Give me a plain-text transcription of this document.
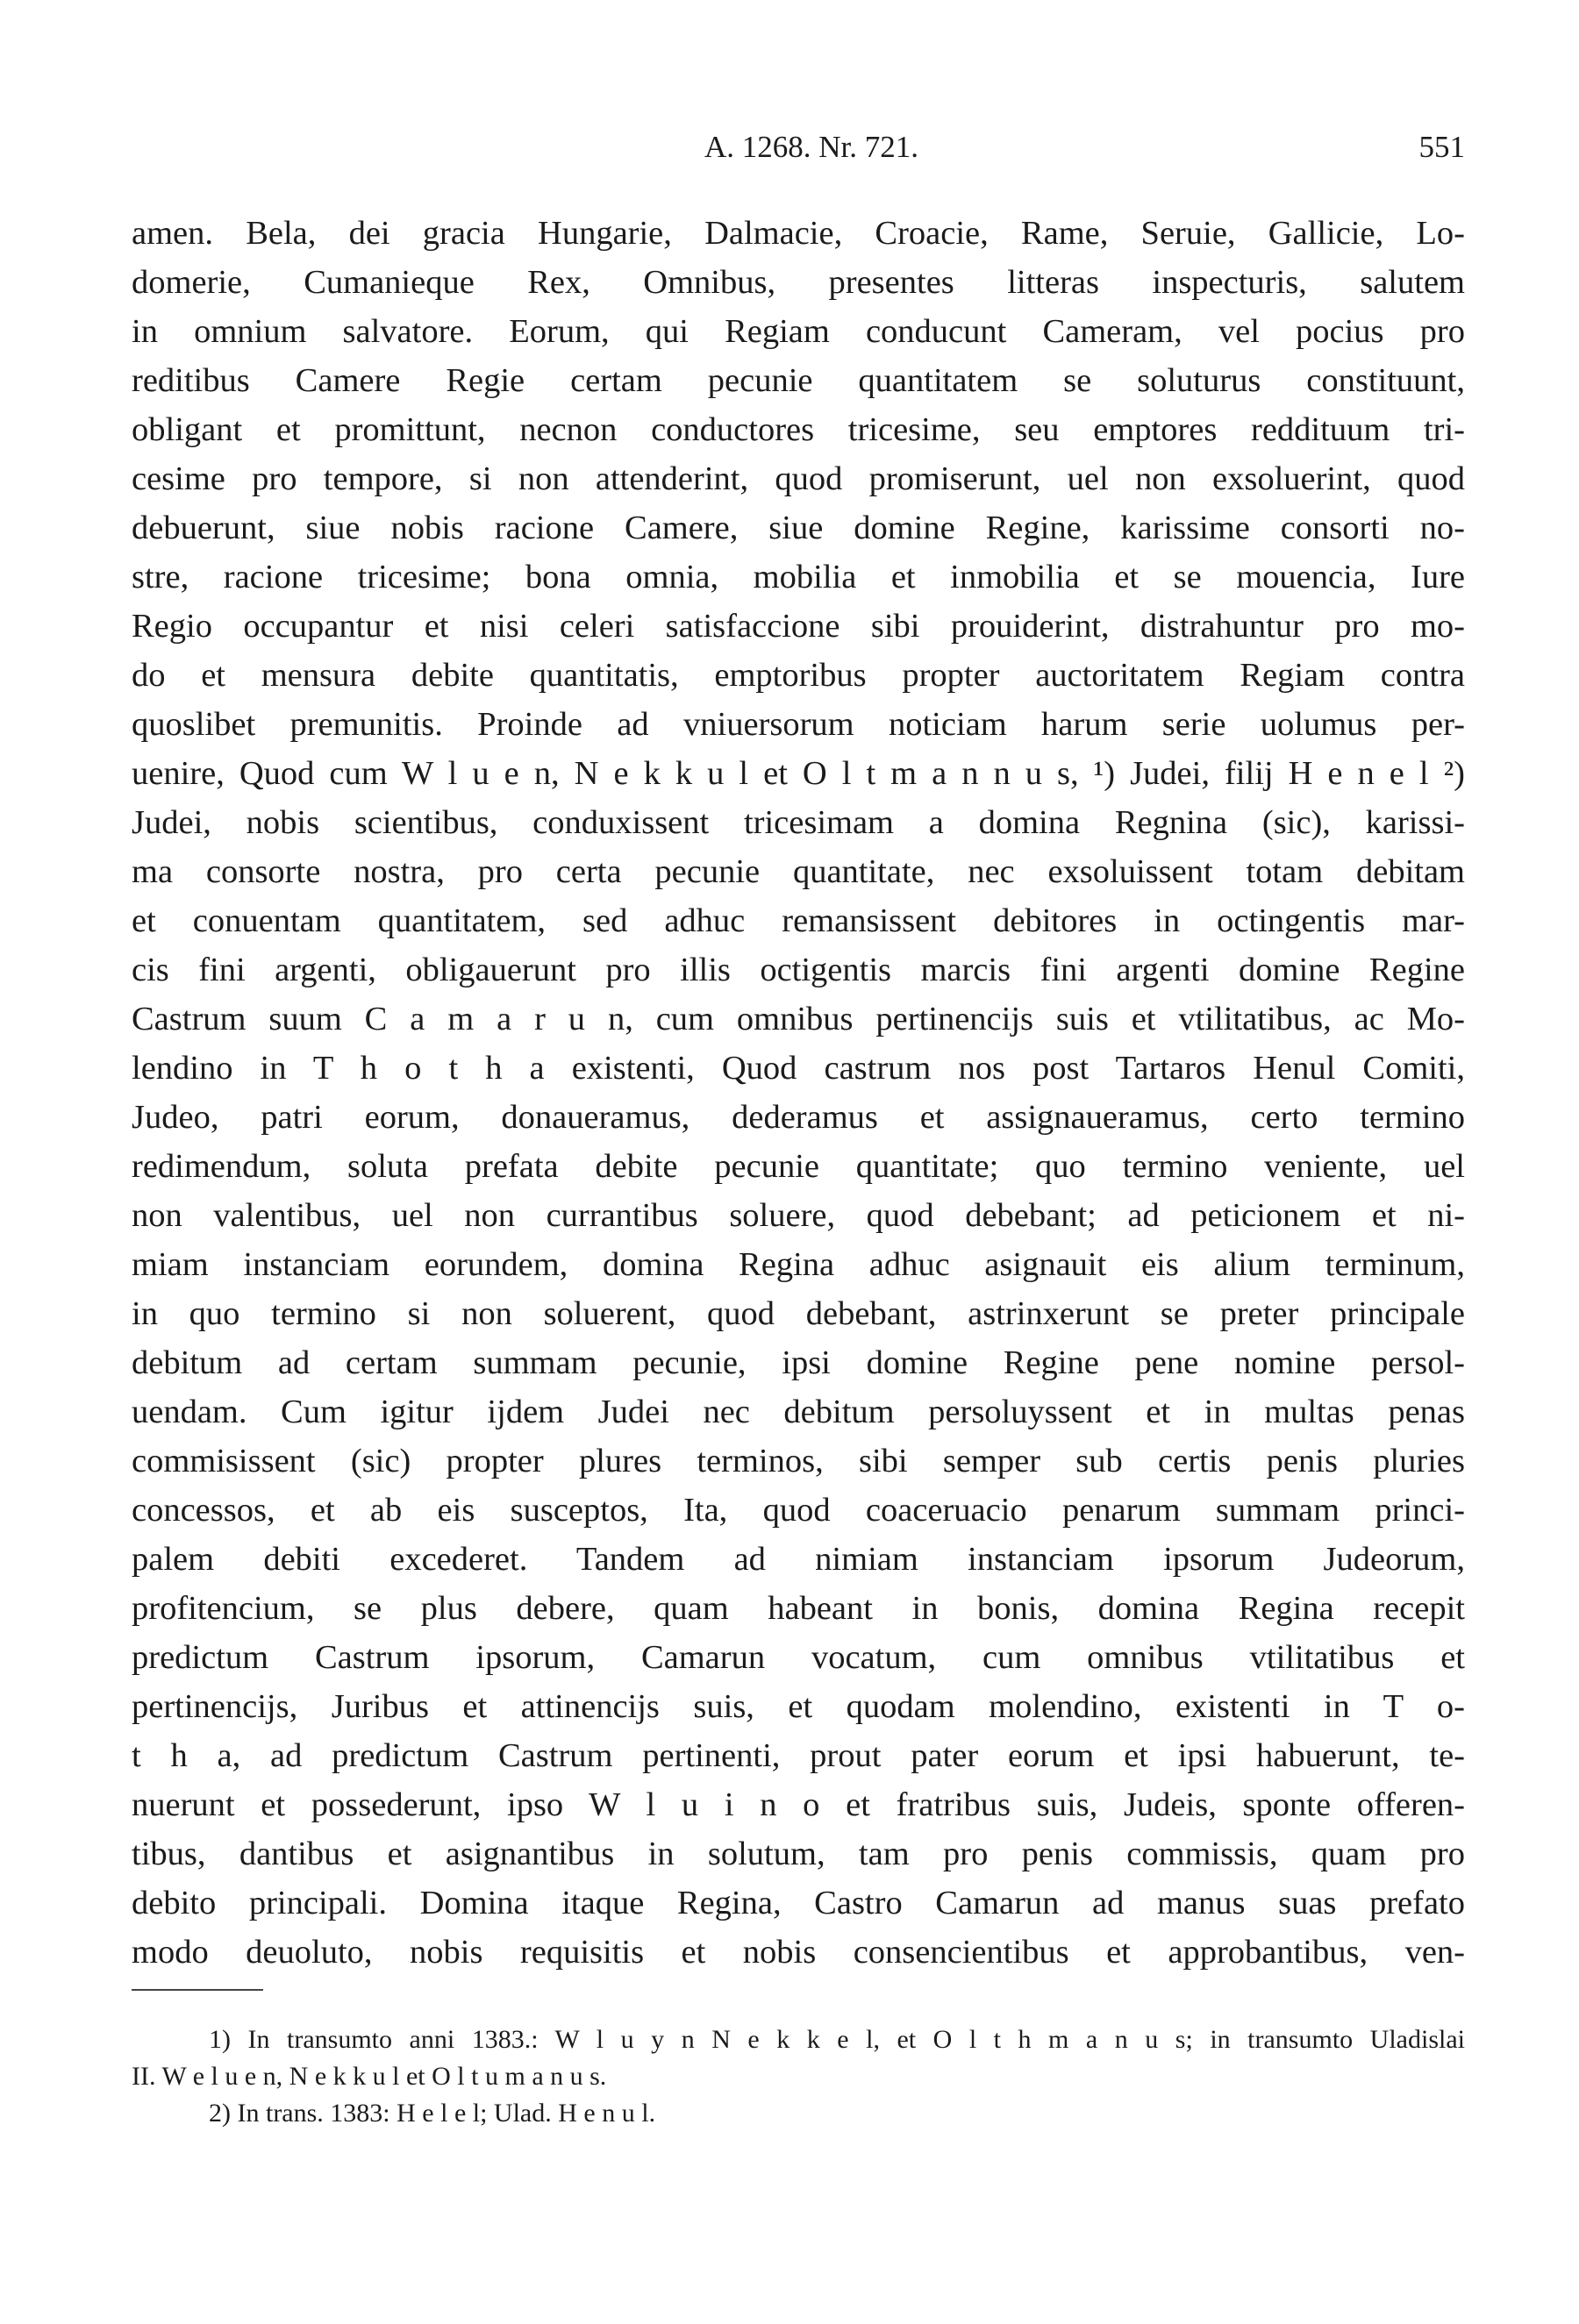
A. 1268. Nr. 721.	551
amen. Bela, dei gracia Hungarie, Dalmacie, Croacie, Rame, Seruie, Gallicie, Lo-
domerie, Cumanieque Rex, Omnibus, presentes litteras inspecturis, salutem
in omnium salvatore. Eorum, qui Regiam conducunt Cameram, vel pocius pro
reditibus Camere Regie certam pecunie quantitatem se soluturus constituunt,
obligant et promittunt, necnon conductores tricesime, seu emptores reddituum tri-
cesime pro tempore, si non attenderint, quod promiserunt, uel non exsoluerint, quod
debuerunt, siue nobis racione Camere, siue domine Regine, karissime consorti no-
stre, racione tricesime; bona omnia, mobilia et inmobilia et se mouencia, Iure
Regio occupantur et nisi celeri satisfaccione sibi prouiderint, distrahuntur pro mo-
do et mensura debite quantitatis, emptoribus propter auctoritatem Regiam contra
quoslibet premunitis. Proinde ad vniuersorum noticiam harum serie uolumus per-
uenire, Quod cum W l u e n, N e k k u l et O l t m a n n u s, ¹) Judei, filij H e n e l ²)
Judei, nobis scientibus, conduxissent tricesimam a domina Regnina (sic), karissi-
ma consorte nostra, pro certa pecunie quantitate, nec exsoluissent totam debitam
et conuentam quantitatem, sed adhuc remansissent debitores in octingentis mar-
cis fini argenti, obligauerunt pro illis octigentis marcis fini argenti domine Regine
Castrum suum C a m a r u n, cum omnibus pertinencijs suis et vtilitatibus, ac Mo-
lendino in T h o t h a existenti, Quod castrum nos post Tartaros Henul Comiti,
Judeo, patri eorum, donaueramus, dederamus et assignaueramus, certo termino
redimendum, soluta prefata debite pecunie quantitate; quo termino veniente, uel
non valentibus, uel non currantibus soluere, quod debebant; ad peticionem et ni-
miam instanciam eorundem, domina Regina adhuc asignauit eis alium terminum,
in quo termino si non soluerent, quod debebant, astrinxerunt se preter principale
debitum ad certam summam pecunie, ipsi domine Regine pene nomine persol-
uendam. Cum igitur ijdem Judei nec debitum persoluyssent et in multas penas
commisissent (sic) propter plures terminos, sibi semper sub certis penis pluries
concessos, et ab eis susceptos, Ita, quod coaceruacio penarum summam princi-
palem debiti excederet. Tandem ad nimiam instanciam ipsorum Judeorum,
profitencium, se plus debere, quam habeant in bonis, domina Regina recepit
predictum Castrum ipsorum, Camarun vocatum, cum omnibus vtilitatibus et
pertinencijs, Juribus et attinencijs suis, et quodam molendino, existenti in T o-
t h a, ad predictum Castrum pertinenti, prout pater eorum et ipsi habuerunt, te-
nuerunt et possederunt, ipso W l u i n o et fratribus suis, Judeis, sponte offeren-
tibus, dantibus et asignantibus in solutum, tam pro penis commissis, quam pro
debito principali. Domina itaque Regina, Castro Camarun ad manus suas prefato
modo deuoluto, nobis requisitis et nobis consencientibus et approbantibus, ven-
1) In transumto anni 1383.: W l u y n N e k k e l, et O l t h m a n u s; in transumto Uladislai
II. W e l u e n, N e k k u l et O l t u m a n u s.
2) In trans. 1383: H e l e l; Ulad. H e n u l.
